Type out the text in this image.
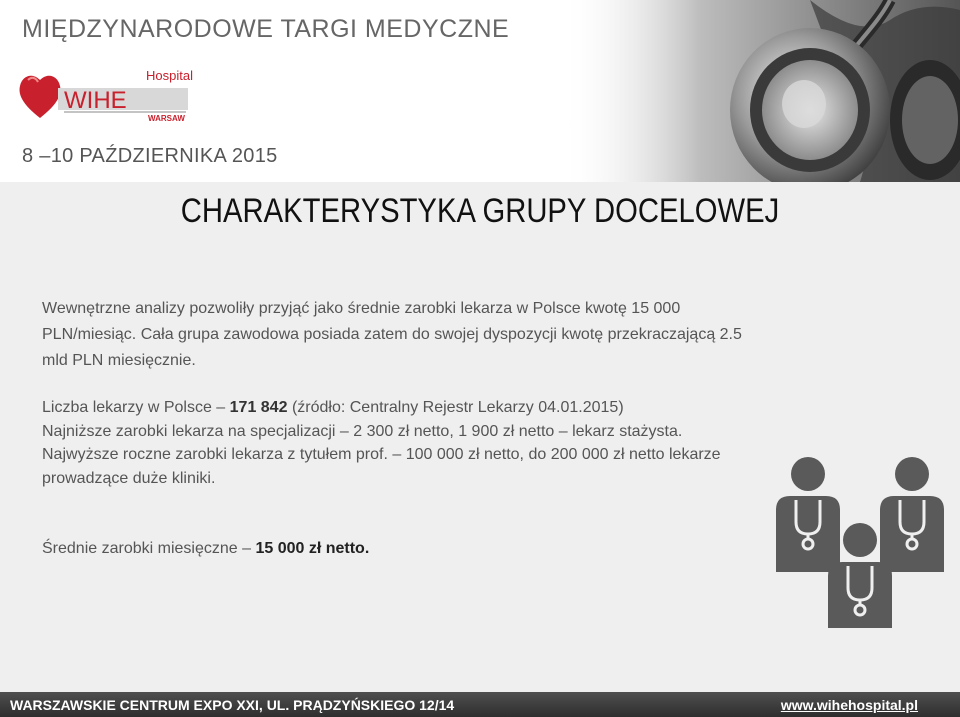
MIĘDZYNARODOWE TARGI MEDYCZNE
WIHE
Hospital
WARSAW
8 –10 PAŹDZIERNIKA 2015
CHARAKTERYSTYKA GRUPY DOCELOWEJ
Wewnętrzne analizy pozwoliły przyjąć jako średnie zarobki lekarza w Polsce kwotę 15 000 PLN/miesiąc. Cała grupa zawodowa posiada zatem do swojej dyspozycji kwotę przekraczającą 2.5 mld PLN miesięcznie.

Liczba lekarzy w Polsce – 171 842 (źródło: Centralny Rejestr Lekarzy 04.01.2015)

Najniższe zarobki lekarza na specjalizacji – 2 300 zł netto, 1 900 zł netto – lekarz stażysta.

Najwyższe roczne zarobki lekarza z tytułem prof. – 100 000 zł netto, do 200 000 zł netto lekarze prowadzące duże kliniki.

Średnie zarobki miesięczne – 15 000 zł netto.
WARSZAWSKIE CENTRUM EXPO XXI, UL. PRĄDZYŃSKIEGO 12/14	www.wihehospital.pl
